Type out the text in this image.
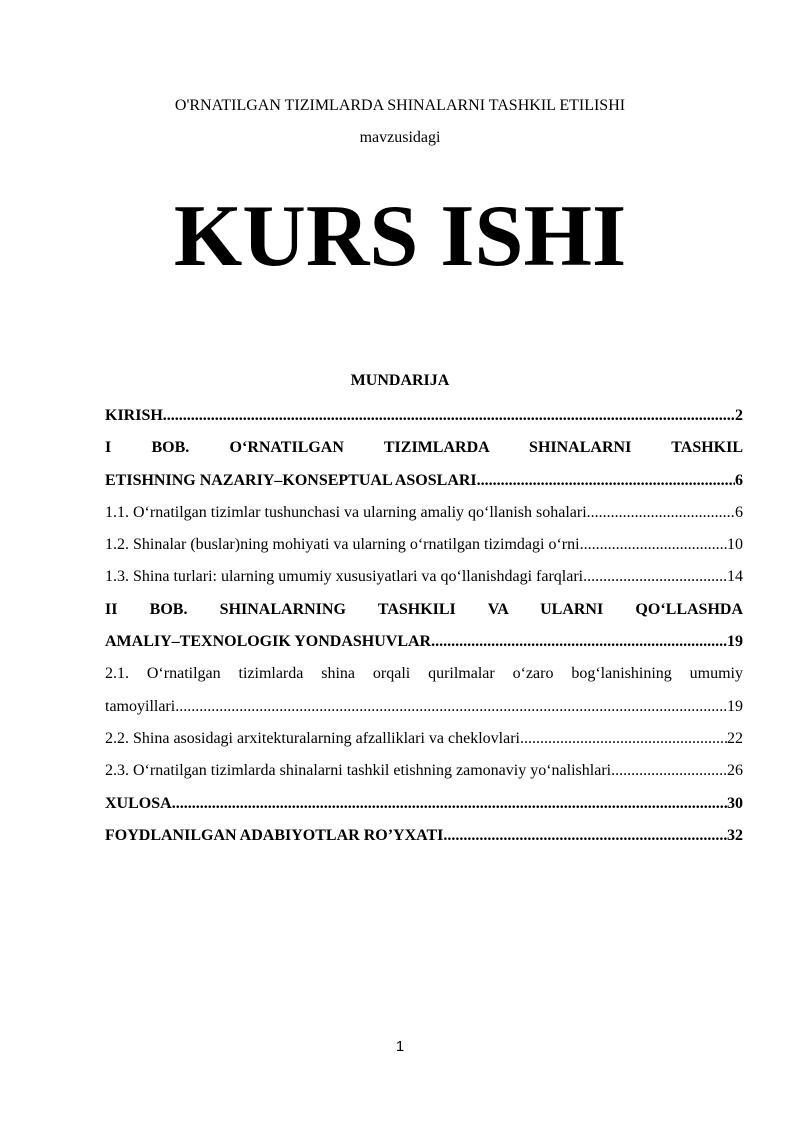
O'RNATILGAN TIZIMLARDA SHINALARNI TASHKIL ETILISHI
mavzusidagi
KURS ISHI
MUNDARIJA
KIRISH .....	2
I BOB. O‘RNATILGAN TIZIMLARDA SHINALARNI TASHKIL
ETISHNING NAZARIY–KONSEPTUAL ASOSLARI .....	6
1.1. O‘rnatilgan tizimlar tushunchasi va ularning amaliy qo‘llanish sohalari .....	6
1.2. Shinalar (buslar)ning mohiyati va ularning o‘rnatilgan tizimdagi o‘rni .....	10
1.3. Shina turlari: ularning umumiy xususiyatlari va qo‘llanishdagi farqlari .....	14
II BOB. SHINALARNING TASHKILI VA ULARNI QO‘LLASHDA
AMALIY–TEXNOLOGIK YONDASHUVLAR .....	19
2.1. O‘rnatilgan tizimlarda shina orqali qurilmalar o‘zaro bog‘lanishining umumiy
tamoyillari .....	19
2.2. Shina asosidagi arxitekturalarning afzalliklari va cheklovlari .....	22
2.3. O‘rnatilgan tizimlarda shinalarni tashkil etishning zamonaviy yo‘nalishlari .....	26
XULOSA .....	30
FOYDLANILGAN ADABIYOTLAR RO’YXATI .....	32
1
